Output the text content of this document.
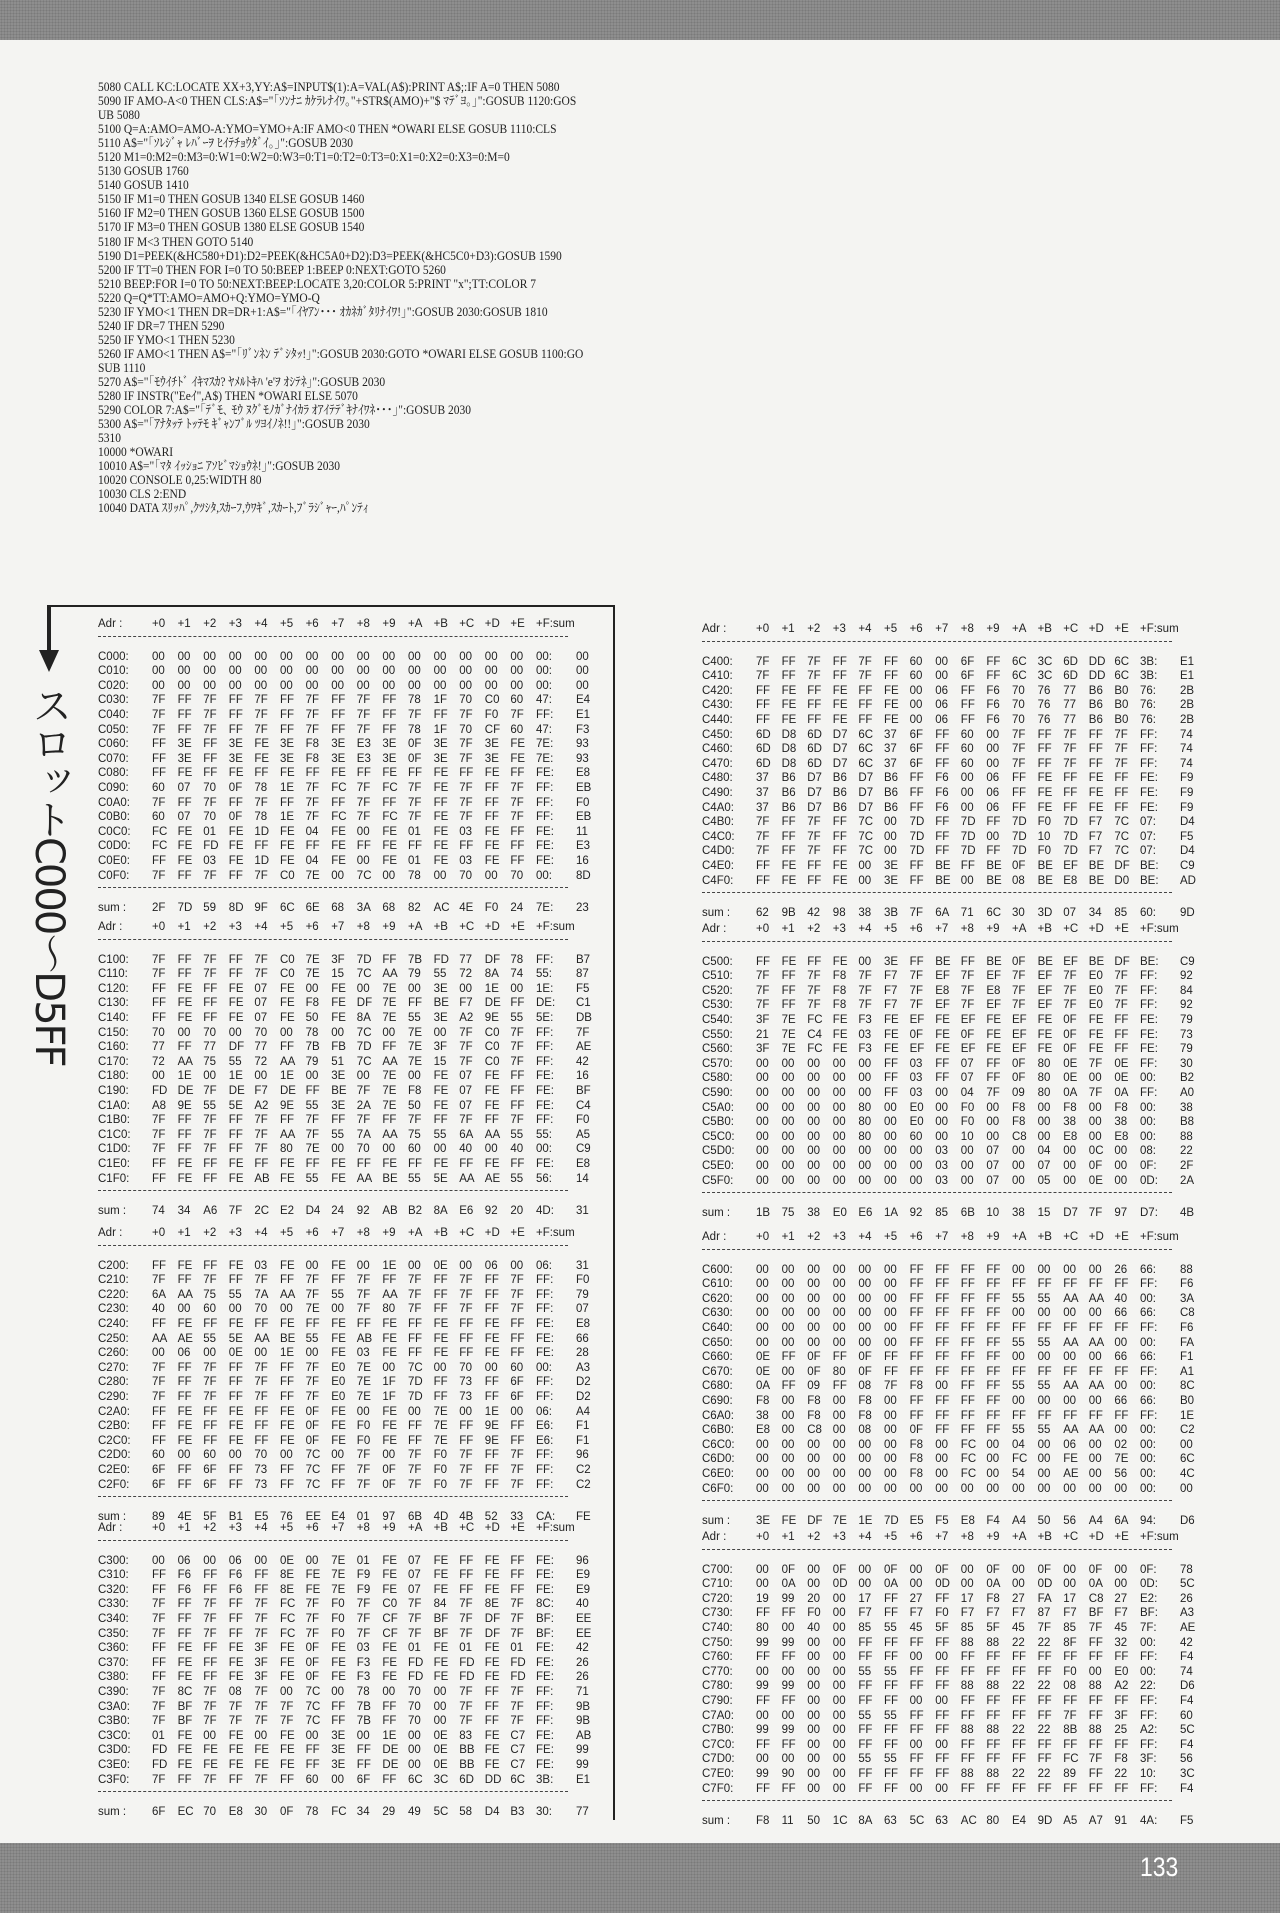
5080 CALL KC:LOCATE XX+3,YY:A$=INPUT$(1):A=VAL(A$):PRINT A$;:IF A=0 THEN 5080
5090 IF AMO-A<0 THEN CLS:A$="｢ｿﾝﾅﾆ ｶｹﾗﾚﾅｲﾜ｡"+STR$(AMO)+"$ ﾏﾃﾞﾖ｡｣":GOSUB 1120:GOS
UB 5080
5100 Q=A:AMO=AMO-A:YMO=YMO+A:IF AMO<0 THEN *OWARI ELSE GOSUB 1110:CLS
5110 A$="｢ｿﾚｼﾞｬ ﾚﾊﾞｰｦ ﾋｲﾃﾁｮｳﾀﾞｲ｡｣":GOSUB 2030
5120 M1=0:M2=0:M3=0:W1=0:W2=0:W3=0:T1=0:T2=0:T3=0:X1=0:X2=0:X3=0:M=0
5130 GOSUB 1760
5140 GOSUB 1410
5150 IF M1=0 THEN GOSUB 1340 ELSE GOSUB 1460
5160 IF M2=0 THEN GOSUB 1360 ELSE GOSUB 1500
5170 IF M3=0 THEN GOSUB 1380 ELSE GOSUB 1540
5180 IF M<3 THEN GOTO 5140
5190 D1=PEEK(&HC580+D1):D2=PEEK(&HC5A0+D2):D3=PEEK(&HC5C0+D3):GOSUB 1590
5200 IF TT=0 THEN FOR I=0 TO 50:BEEP 1:BEEP 0:NEXT:GOTO 5260
5210 BEEP:FOR I=0 TO 50:NEXT:BEEP:LOCATE 3,20:COLOR 5:PRINT "x";TT:COLOR 7
5220 Q=Q*TT:AMO=AMO+Q:YMO=YMO-Q
5230 IF YMO<1 THEN DR=DR+1:A$="｢ｲﾔｱﾝ･･･ ｵｶﾈｶﾞﾀﾘﾅｲﾜ!｣":GOSUB 2030:GOSUB 1810
5240 IF DR=7 THEN 5290
5250 IF YMO<1 THEN 5230
5260 IF AMO<1 THEN A$="｢ﾘﾞﾝﾈﾝ ﾃﾞｼﾀｯ!｣":GOSUB 2030:GOTO *OWARI ELSE GOSUB 1100:GO
SUB 1110
5270 A$="｢ﾓｳｲﾁﾄﾞ ｲｷﾏｽｶ? ﾔﾒﾙﾄｷﾊ 'e'ｦ ｵｼﾃﾈ｣":GOSUB 2030
5280 IF INSTR("Eeｲ",A$) THEN *OWARI ELSE 5070
5290 COLOR 7:A$="｢ﾃﾞﾓ､ ﾓｳ ﾇｸﾞﾓﾉｶﾞﾅｲｶﾗ ｵｱｲﾃﾃﾞｷﾅｲﾜﾈ･･･｣":GOSUB 2030
5300 A$="｢ｱﾅﾀｯﾃ ﾄｯﾃﾓ ｷﾞｬﾝﾌﾞﾙ ﾂﾖｲﾉﾈ!!｣":GOSUB 2030
5310
10000 *OWARI
10010 A$="｢ﾏﾀ ｲｯｼｮﾆ ｱｿﾋﾞﾏｼｮｳﾈ!｣":GOSUB 2030
10020 CONSOLE 0,25:WIDTH 80
10030 CLS 2:END
10040 DATA ｽﾘｯﾊﾟ,ｸﾂｼﾀ,ｽｶｰﾌ,ｳﾜｷﾞ,ｽｶｰﾄ,ﾌﾞﾗｼﾞｬｰ,ﾊﾟﾝﾃｨ
スロットC000〜D5FF
Adr :	+0	+1	+2	+3	+4	+5	+6	+7	+8	+9	+A +B +C +D +E +F:sum
C000 :	00	00	00	00	00	00	00	00	00	00	00	00	00	00	00	00 :	00
C010 :	00	00	00	00	00	00	00	00	00	00	00	00	00	00	00	00 :	00
C020 :	00	00	00	00	00	00	00	00	00	00	00	00	00	00	00	00 :	00
C030 :	7F	FF	7F	FF	7F	FF	7F	FF	7F	FF	78	1F	70	C0 60	47 :	E4
C040 :	7F	FF	7F	FF	7F	FF	7F	FF	7F	FF	7F	FF	7F	F0	7F	FF :	E1
C050 :	7F	FF	7F	FF	7F	FF	7F	FF	7F	FF	78	1F	70	CF 60	47 :	F3
C060 :	FF	3E	FF	3E	FE 3E	F8	3E	E3	3E	0F	3E	7F	3E	FE 7E :	93
C070 :	FF	3E	FF	3E	FE 3E	F8	3E	E3	3E	0F	3E	7F	3E	FE 7E :	93
C080 :	FF	FE FF	FE FF	FE FF	FE FF	FE FF	FE FF	FE FF	FE :	E8
C090 :	60	07	70	0F	78	1E	7F	FC 7F	FC 7F	FE 7F	FF	7F	FF :	EB
C0A0 :	7F	FF	7F	FF	7F	FF	7F	FF	7F	FF	7F	FF	7F	FF	7F	FF :	F0
C0B0 :	60	07	70	0F	78	1E	7F	FC 7F	FC 7F	FE 7F	FF	7F	FF :	EB
C0C0 :	FC FE 01	FE 1D FE 04	FE 00	FE 01	FE 03	FE FF	FE :	11
C0D0 :	FC FE FD FE FF	FE FF	FE FF	FE FF	FE FF	FE FF	FE :	E3
C0E0 :	FF	FE 03	FE 1D FE 04	FE 00	FE 01	FE 03	FE FF	FE :	16
C0F0 :	7F	FF	7F	FF	7F	C0 7E	00	7C 00	78	00	70	00	70	00 :	8D
sum :	2F	7D 59	8D 9F	6C 6E	68	3A	68	82	AC 4E	F0	24	7E :	23
Adr :	+0	+1	+2	+3	+4	+5	+6	+7	+8	+9	+A +B +C +D +E +F:sum
C100 :	7F	FF	7F	FF	7F	C0 7E	3F	7D FF	7B	FD 77	DF 78	FF :	B7
C110 :	7F	FF	7F	FF	7F	C0 7E	15	7C AA 79	55	72	8A	74	55 :	87
C120 :	FF	FE FF	FE 07	FE 00	FE 00	7E	00	3E	00	1E	00	1E :	F5
C130 :	FF	FE FF	FE 07	FE F8	FE DF 7E	FF	BE F7	DE FF	DE :	C1
C140 :	FF	FE FF	FE 07	FE 50	FE 8A	7E	55	3E	A2	9E	55	5E :	DB
C150 :	70	00	70	00	70	00	78	00	7C 00	7E	00	7F	C0 7F	FF :	7F
C160 :	77	FF	77	DF 77	FF	7B	FB 7D FF	7E	3F	7F	C0 7F	FF :	AE
C170 :	72	AA 75	55	72	AA 79	51	7C AA 7E	15	7F	C0 7F	FF :	42
C180 :	00	1E	00	1E	00	1E	00	3E	00	7E	00	FE 07	FE FF	FE :	16
C190 :	FD DE 7F	DE F7	DE FF	BE 7F	7E	F8	FE 07	FE FF	FE :	BF
C1A0 :	A8	9E	55	5E	A2	9E	55	3E	2A	7E	50	FE 07	FE FF	FE :	C4
C1B0 :	7F	FF	7F	FF	7F	FF	7F	FF	7F	FF	7F	FF	7F	FF	7F	FF :	F0
C1C0 :	7F	FF	7F	FF	7F	AA 7F	55	7A	AA 75	55	6A	AA 55	55 :	A5
C1D0 :	7F	FF	7F	FF	7F	80	7E	00	70	00	60	00	40	00	40	00 :	C9
C1E0 :	FF	FE FF	FE FF	FE FF	FE FF	FE FF	FE FF	FE FF	FE :	E8
C1F0 :	FF	FE FF	FE AB FE 55	FE AA BE 55	5E	AA AE 55	56 :	14
sum :	74	34	A6	7F	2C E2	D4 24	92	AB B2	8A	E6	92	20	4D :	31
Adr :	+0	+1	+2	+3	+4	+5	+6	+7	+8	+9	+A +B +C +D +E +F:sum
C200 :	FF	FE FF	FE 03	FE 00	FE 00	1E	00	0E	00	06	00	06 :	31
C210 :	7F	FF	7F	FF	7F	FF	7F	FF	7F	FF	7F	FF	7F	FF	7F	FF :	F0
C220 :	6A	AA 75	55	7A	AA 7F	55	7F	AA 7F	FF	7F	FF	7F	FF :	79
C230 :	40	00	60	00	70	00	7E	00	7F	80	7F	FF	7F	FF	7F	FF :	07
C240 :	FF	FE FF	FE FF	FE FF	FE FF	FE FF	FE FF	FE FF	FE :	E8
C250 :	AA AE 55	5E	AA BE 55	FE AB FE FF	FE FF	FE FF	FE :	66
C260 :	00	06	00	0E	00	1E	00	FE 03	FE FF	FE FF	FE FF	FE :	28
C270 :	7F	FF	7F	FF	7F	FF	7F	E0	7E	00	7C 00	70	00	60	00 :	A3
C280 :	7F	FF	7F	FF	7F	FF	7F	E0	7E	1F	7D FF	73	FF	6F	FF :	D2
C290 :	7F	FF	7F	FF	7F	FF	7F	E0	7E	1F	7D FF	73	FF	6F	FF :	D2
C2A0 :	FF	FE FF	FE FF	FE 0F	FE 00	FE 00	7E	00	1E	00	06 :	A4
C2B0 :	FF	FE FF	FE FF	FE 0F	FE F0	FE FF	7E	FF	9E	FF	E6 :	F1
C2C0 :	FF	FE FF	FE FF	FE 0F	FE F0	FE FF	7E	FF	9E	FF	E6 :	F1
C2D0 :	60	00	60	00	70	00	7C 00	7F	00	7F	F0	7F	FF	7F	FF :	96
C2E0 :	6F	FF	6F	FF	73	FF	7C FF	7F	0F	7F	F0	7F	FF	7F	FF :	C2
C2F0 :	6F	FF	6F	FF	73	FF	7C FF	7F	0F	7F	F0	7F	FF	7F	FF :	C2
sum :	89	4E	5F	B1	E5	76	EE E4	01	97	6B	4D 4B	52	33	CA :	FE
Adr :	+0	+1	+2	+3	+4	+5	+6	+7	+8	+9	+A +B +C +D +E +F:sum
C300 :	00	06	00	06	00	0E	00	7E	01	FE 07	FE FF	FE FF	FE :	96
C310 :	FF	F6	FF	F6	FF	8E	FE 7E	F9	FE 07	FE FF	FE FF	FE :	E9
C320 :	FF	F6	FF	F6	FF	8E	FE 7E	F9	FE 07	FE FF	FE FF	FE :	E9
C330 :	7F	FF	7F	FF	7F	FC 7F	F0	7F	C0 7F	84	7F	8E	7F	8C :	40
C340 :	7F	FF	7F	FF	7F	FC 7F	F0	7F	CF 7F	BF 7F	DF 7F	BF :	EE
C350 :	7F	FF	7F	FF	7F	FC 7F	F0	7F	CF 7F	BF 7F	DF 7F	BF :	EE
C360 :	FF	FE FF	FE 3F	FE 0F	FE 03	FE 01	FE 01	FE 01	FE :	42
C370 :	FF	FE FF	FE 3F	FE 0F	FE F3	FE FD FE FD FE FD FE :	26
C380 :	FF	FE FF	FE 3F	FE 0F	FE F3	FE FD FE FD FE FD FE :	26
C390 :	7F	8C 7F	08	7F	00	7C 00	78	00	70	00	7F	FF	7F	FF :	71
C3A0 :	7F	BF 7F	7F	7F	7F	7C FF	7B	FF	70	00	7F	FF	7F	FF :	9B
C3B0 :	7F	BF 7F	7F	7F	7F	7C FF	7B	FF	70	00	7F	FF	7F	FF :	9B
C3C0 :	01	FE 00	FE 00	FE 00	3E	00	1E	00	0E	83	FE C7 FE :	AB
C3D0 :	FD FE FE FE FE FE FF	3E	FF	DE 00	0E	BB FE C7 FE :	99
C3E0 :	FD FE FE FE FE FE FF	3E	FF	DE 00	0E	BB FE C7 FE :	99
C3F0 :	7F	FF	7F	FF	7F	FF	60	00	6F	FF	6C 3C 6D DD 6C 3B :	E1
sum :	6F	EC 70	E8	30	0F	78	FC 34	29	49	5C 58	D4 B3	30 :	77
Adr :	+0	+1	+2	+3	+4	+5	+6	+7	+8	+9	+A +B +C +D +E +F:sum
C400 :	7F	FF	7F	FF	7F	FF	60	00	6F	FF	6C 3C 6D DD 6C 3B :	E1
C410 :	7F	FF	7F	FF	7F	FF	60	00	6F	FF	6C 3C 6D DD 6C 3B :	E1
C420 :	FF	FE FF	FE FF	FE 00	06	FF	F6	70	76	77	B6	B0	76 :	2B
C430 :	FF	FE FF	FE FF	FE 00	06	FF	F6	70	76	77	B6	B0	76 :	2B
C440 :	FF	FE FF	FE FF	FE 00	06	FF	F6	70	76	77	B6	B0	76 :	2B
C450 :	6D D8 6D D7 6C 37	6F	FF	60	00	7F	FF	7F	FF	7F	FF :	74
C460 :	6D D8 6D D7 6C 37	6F	FF	60	00	7F	FF	7F	FF	7F	FF :	74
C470 :	6D D8 6D D7 6C 37	6F	FF	60	00	7F	FF	7F	FF	7F	FF :	74
C480 :	37	B6	D7 B6	D7 B6	FF	F6	00	06	FF	FE FF	FE FF	FE :	F9
C490 :	37	B6	D7 B6	D7 B6	FF	F6	00	06	FF	FE FF	FE FF	FE :	F9
C4A0 :	37	B6	D7 B6	D7 B6	FF	F6	00	06	FF	FE FF	FE FF	FE :	F9
C4B0 :	7F	FF	7F	FF	7C 00	7D FF	7D FF	7D F0	7D F7	7C 07 :	D4
C4C0 :	7F	FF	7F	FF	7C 00	7D FF	7D 00	7D 10	7D F7	7C 07 :	F5
C4D0 :	7F	FF	7F	FF	7C 00	7D FF	7D FF	7D F0	7D F7	7C 07 :	D4
C4E0 :	FF	FE FF	FE 00	3E	FF	BE FF	BE 0F	BE EF BE DF BE :	C9
C4F0 :	FF	FE FF	FE 00	3E	FF	BE 00	BE 08	BE E8	BE D0 BE :	AD
sum :	62	9B	42	98	38	3B	7F	6A	71	6C 30	3D 07	34	85	60 :	9D
Adr :	+0	+1	+2	+3	+4	+5	+6	+7	+8	+9	+A +B +C +D +E +F:sum
C500 :	FF	FE FF	FE 00	3E	FF	BE FF	BE 0F	BE EF BE DF BE :	C9
C510 :	7F	FF	7F	F8	7F	F7	7F	EF 7F	EF 7F	EF 7F	E0	7F	FF :	92
C520 :	7F	FF	7F	F8	7F	F7	7F	E8	7F	E8	7F	EF 7F	E0	7F	FF :	84
C530 :	7F	FF	7F	F8	7F	F7	7F	EF 7F	EF 7F	EF 7F	E0	7F	FF :	92
C540 :	3F	7E	FC FE F3	FE EF FE EF FE EF FE 0F	FE FF	FE :	79
C550 :	21	7E	C4 FE 03	FE 0F	FE 0F	FE EF FE 0F	FE FF	FE :	73
C560 :	3F	7E	FC FE F3	FE EF FE EF FE EF FE 0F	FE FF	FE :	79
C570 :	00	00	00	00	00	FF	03	FF	07	FF	0F	80	0E	7F	0E	FF :	30
C580 :	00	00	00	00	00	FF	03	FF	07	FF	0F	80	0E	00	0E	00 :	B2
C590 :	00	00	00	00	00	FF	03	00	04	7F	09	80	0A	7F	0A	FF :	A0
C5A0 :	00	00	00	00	80	00	E0	00	F0	00	F8	00	F8	00	F8	00 :	38
C5B0 :	00	00	00	00	80	00	E0	00	F0	00	F8	00	38	00	38	00 :	B8
C5C0 :	00	00	00	00	80	00	60	00	10	00	C8 00	E8	00	E8	00 :	88
C5D0 :	00	00	00	00	00	00	00	03	00	07	00	04	00	0C 00	08 :	22
C5E0 :	00	00	00	00	00	00	00	03	00	07	00	07	00	0F	00	0F :	2F
C5F0 :	00	00	00	00	00	00	00	03	00	07	00	05	00	0E	00	0D :	2A
sum :	1B	75	38	E0	E6	1A	92	85	6B	10	38	15	D7 7F	97	D7 :	4B
Adr :	+0	+1	+2	+3	+4	+5	+6	+7	+8	+9	+A +B +C +D +E +F:sum
C600 :	00	00	00	00	00	00	FF	FF	FF	FF	00	00	00	00	26	66 :	88
C610 :	00	00	00	00	00	00	FF	FF	FF	FF	FF	FF	FF	FF	FF	FF :	F6
C620 :	00	00	00	00	00	00	FF	FF	FF	FF	55	55	AA AA 40	00 :	3A
C630 :	00	00	00	00	00	00	FF	FF	FF	FF	00	00	00	00	66	66 :	C8
C640 :	00	00	00	00	00	00	FF	FF	FF	FF	FF	FF	FF	FF	FF	FF :	F6
C650 :	00	00	00	00	00	00	FF	FF	FF	FF	55	55	AA AA 00	00 :	FA
C660 :	0E	FF	0F	FF	0F	FF	FF	FF	FF	FF	00	00	00	00	66	66 :	F1
C670 :	0E	00	0F	80	0F	FF	FF	FF	FF	FF	FF	FF	FF	FF	FF	FF :	A1
C680 :	0A	FF	09	FF	08	7F	F8	00	FF	FF	55	55	AA AA 00	00 :	8C
C690 :	F8	00	F8	00	F8	00	FF	FF	FF	FF	00	00	00	00	66	66 :	B0
C6A0 :	38	00	F8	00	F8	00	FF	FF	FF	FF	FF	FF	FF	FF	FF	FF :	1E
C6B0 :	E8	00	C8 00	08	00	0F	FF	FF	FF	55	55	AA AA 00	00 :	C2
C6C0 :	00	00	00	00	00	00	F8	00	FC 00	04	00	06	00	02	00 :	00
C6D0 :	00	00	00	00	00	00	F8	00	FC 00	FC 00	FE 00	7E	00 :	6C
C6E0 :	00	00	00	00	00	00	F8	00	FC 00	54	00	AE 00	56	00 :	4C
C6F0 :	00	00	00	00	00	00	00	00	00	00	00	00	00	00	00	00 :	00
sum :	3E	FE DF 7E	1E	7D E5	F5	E8	F4	A4	50	56	A4	6A	94 :	D6
Adr :	+0	+1	+2	+3	+4	+5	+6	+7	+8	+9	+A +B +C +D +E +F:sum
C700 :	00	0F	00	0F	00	0F	00	0F	00	0F	00	0F	00	0F	00	0F :	78
C710 :	00	0A	00	0D 00	0A	00	0D 00	0A	00	0D 00	0A	00	0D :	5C
C720 :	19	99	20	00	17	FF	27	FF	17	F8	27	FA	17	C8 27	E2 :	26
C730 :	FF	FF	F0	00	F7	FF	F7	F0	F7	F7	F7	87	F7	BF F7	BF :	A3
C740 :	80	00	40	00	85	55	45	5F	85	5F	45	7F	85	7F	45	7F :	AE
C750 :	99	99	00	00	FF	FF	FF	FF	88	88	22	22	8F	FF	32	00 :	42
C760 :	FF	FF	00	00	FF	FF	00	00	FF	FF	FF	FF	FF	FF	FF	FF :	F4
C770 :	00	00	00	00	55	55	FF	FF	FF	FF	FF	FF	F0	00	E0	00 :	74
C780 :	99	99	00	00	FF	FF	FF	FF	88	88	22	22	08	88	A2	22 :	D6
C790 :	FF	FF	00	00	FF	FF	00	00	FF	FF	FF	FF	FF	FF	FF	FF :	F4
C7A0 :	00	00	00	00	55	55	FF	FF	FF	FF	FF	FF	7F	FF	3F	FF :	60
C7B0 :	99	99	00	00	FF	FF	FF	FF	88	88	22	22	8B	88	25	A2 :	5C
C7C0 :	FF	FF	00	00	FF	FF	00	00	FF	FF	FF	FF	FF	FF	FF	FF :	F4
C7D0 :	00	00	00	00	55	55	FF	FF	FF	FF	FF	FF	FC 7F	F8	3F :	56
C7E0 :	99	90	00	00	FF	FF	FF	FF	88	88	22	22	89	FF	22	10 :	3C
C7F0 :	FF	FF	00	00	FF	FF	00	00	FF	FF	FF	FF	FF	FF	FF	FF :	F4
sum :	F8	11	50	1C 8A	63	5C 63	AC 80	E4	9D A5	A7	91	4A :	F5
133
